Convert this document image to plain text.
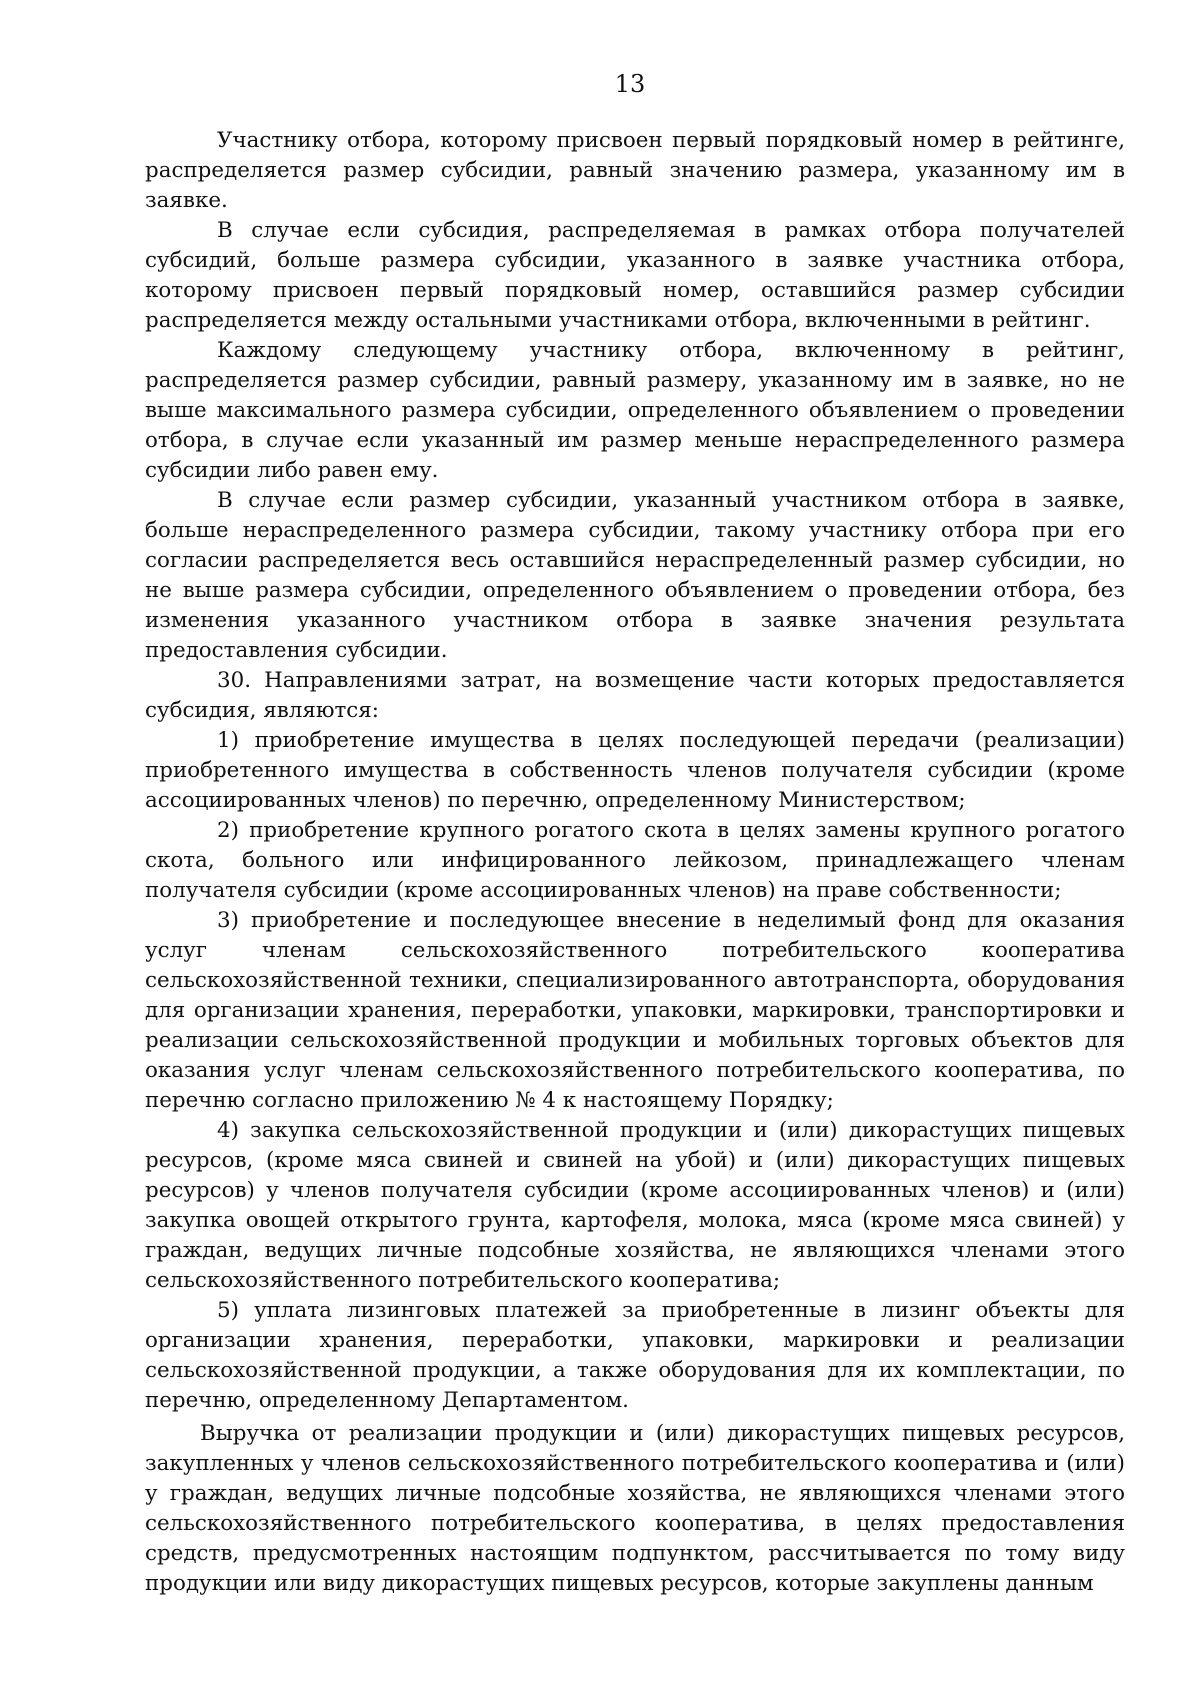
13

Участнику отбора, которому присвоен первый порядковый номер в рейтинге, распределяется размер субсидии, равный значению размера, указанному им в заявке.

В случае если субсидия, распределяемая в рамках отбора получателей субсидий, больше размера субсидии, указанного в заявке участника отбора, которому присвоен первый порядковый номер, оставшийся размер субсидии распределяется между остальными участниками отбора, включенными в рейтинг.

Каждому следующему участнику отбора, включенному в рейтинг, распределяется размер субсидии, равный размеру, указанному им в заявке, но не выше максимального размера субсидии, определенного объявлением о проведении отбора, в случае если указанный им размер меньше нераспределенного размера субсидии либо равен ему.

В случае если размер субсидии, указанный участником отбора в заявке, больше нераспределенного размера субсидии, такому участнику отбора при его согласии распределяется весь оставшийся нераспределенный размер субсидии, но не выше размера субсидии, определенного объявлением о проведении отбора, без изменения указанного участником отбора в заявке значения результата предоставления субсидии.

30. Направлениями затрат, на возмещение части которых предоставляется субсидия, являются:

1) приобретение имущества в целях последующей передачи (реализации) приобретенного имущества в собственность членов получателя субсидии (кроме ассоциированных членов) по перечню, определенному Министерством;

2) приобретение крупного рогатого скота в целях замены крупного рогатого скота, больного или инфицированного лейкозом, принадлежащего членам получателя субсидии (кроме ассоциированных членов) на праве собственности;

3) приобретение и последующее внесение в неделимый фонд для оказания услуг членам сельскохозяйственного потребительского кооператива сельскохозяйственной техники, специализированного автотранспорта, оборудования для организации хранения, переработки, упаковки, маркировки, транспортировки и реализации сельскохозяйственной продукции и мобильных торговых объектов для оказания услуг членам сельскохозяйственного потребительского кооператива, по перечню согласно приложению № 4 к настоящему Порядку;

4) закупка сельскохозяйственной продукции и (или) дикорастущих пищевых ресурсов, (кроме мяса свиней и свиней на убой) и (или) дикорастущих пищевых ресурсов) у членов получателя субсидии (кроме ассоциированных членов) и (или) закупка овощей открытого грунта, картофеля, молока, мяса (кроме мяса свиней) у граждан, ведущих личные подсобные хозяйства, не являющихся членами этого сельскохозяйственного потребительского кооператива;

5) уплата лизинговых платежей за приобретенные в лизинг объекты для организации хранения, переработки, упаковки, маркировки и реализации сельскохозяйственной продукции, а также оборудования для их комплектации, по перечню, определенному Департаментом.

Выручка от реализации продукции и (или) дикорастущих пищевых ресурсов, закупленных у членов сельскохозяйственного потребительского кооператива и (или) у граждан, ведущих личные подсобные хозяйства, не являющихся членами этого сельскохозяйственного потребительского кооператива, в целях предоставления средств, предусмотренных настоящим подпунктом, рассчитывается по тому виду продукции или виду дикорастущих пищевых ресурсов, которые закуплены данным
